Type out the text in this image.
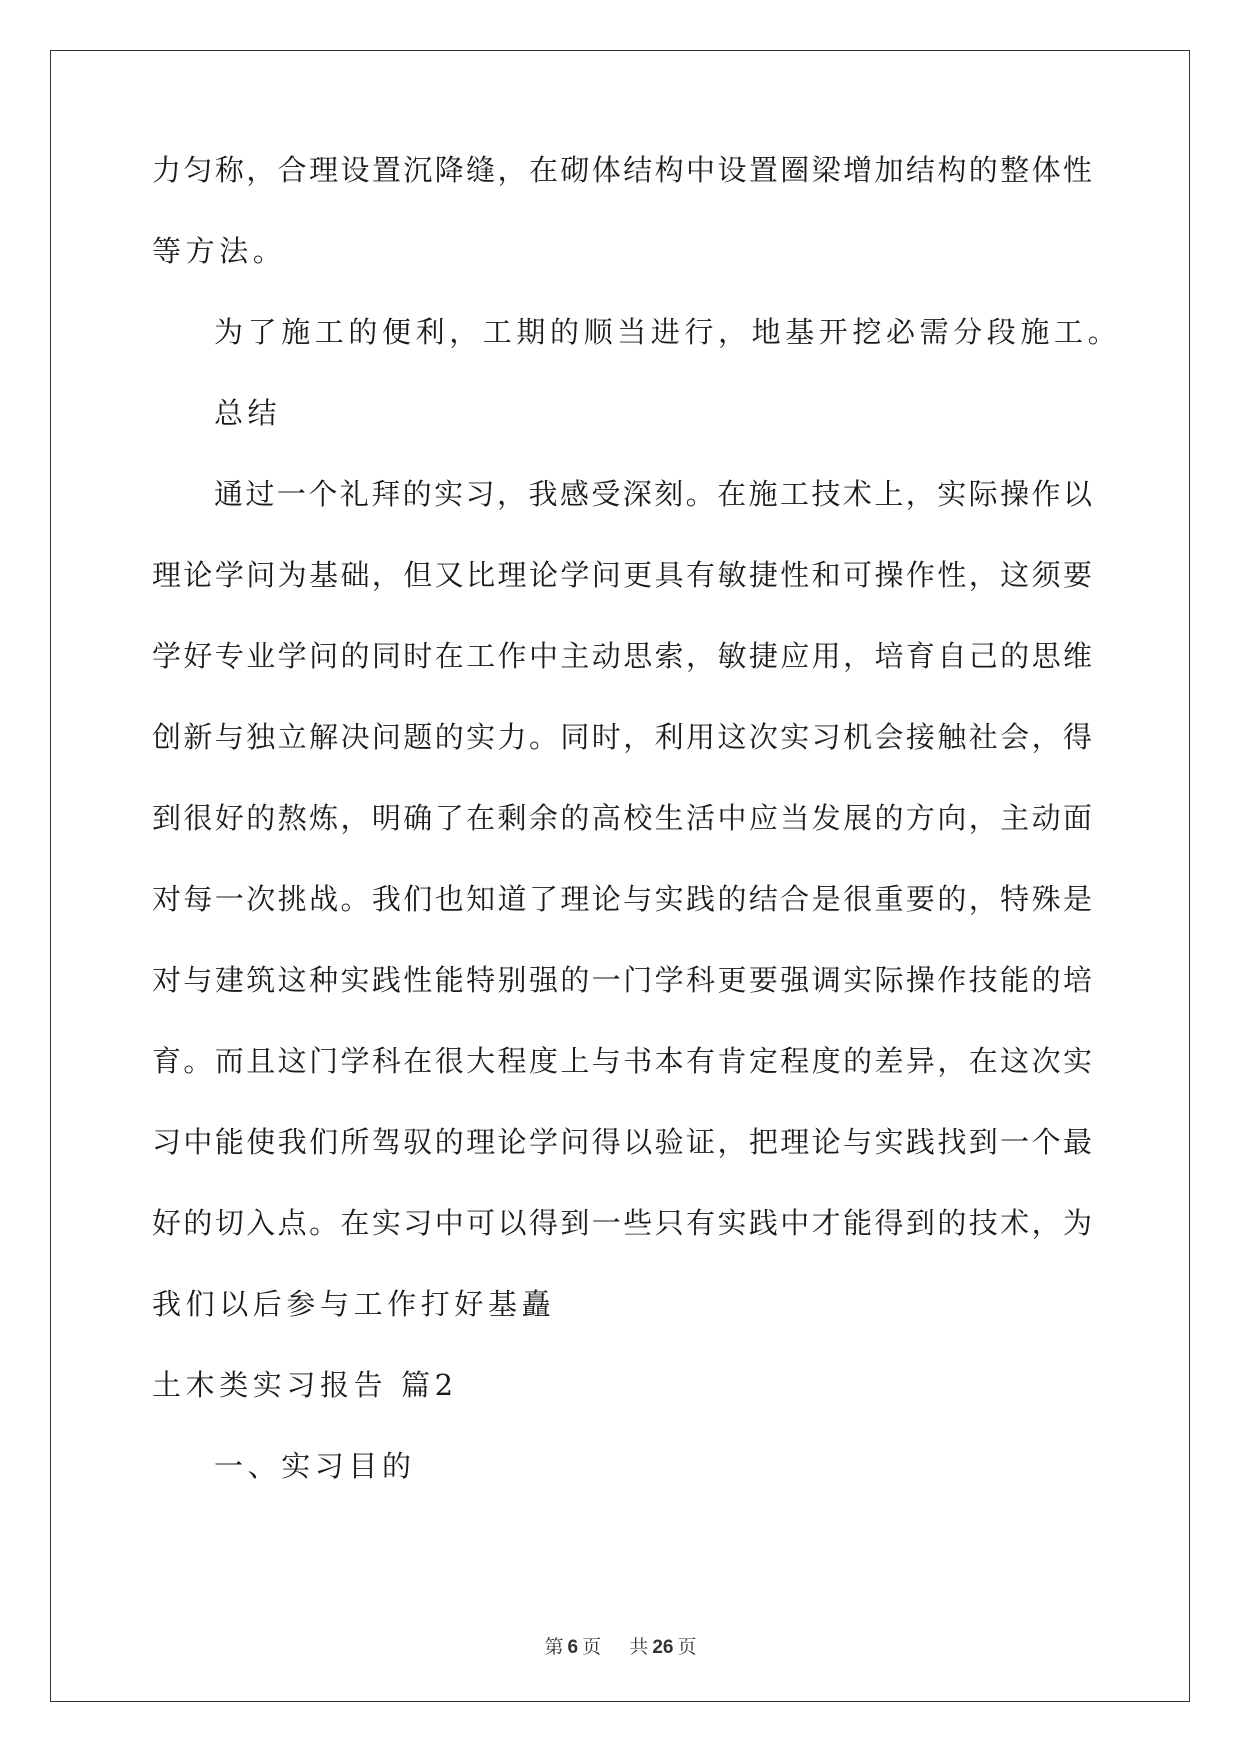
力匀称，合理设置沉降缝，在砌体结构中设置圈梁增加结构的整体性
等方法。
为了施工的便利，工期的顺当进行，地基开挖必需分段施工。
总结
通过一个礼拜的实习，我感受深刻。在施工技术上，实际操作以
理论学问为基础，但又比理论学问更具有敏捷性和可操作性，这须要
学好专业学问的同时在工作中主动思索，敏捷应用，培育自己的思维
创新与独立解决问题的实力。同时，利用这次实习机会接触社会，得
到很好的熬炼，明确了在剩余的高校生活中应当发展的方向，主动面
对每一次挑战。我们也知道了理论与实践的结合是很重要的，特殊是
对与建筑这种实践性能特别强的一门学科更要强调实际操作技能的培
育。而且这门学科在很大程度上与书本有肯定程度的差异，在这次实
习中能使我们所驾驭的理论学问得以验证，把理论与实践找到一个最
好的切入点。在实习中可以得到一些只有实践中才能得到的技术，为
我们以后参与工作打好基矗
土木类实习报告 篇2
一、实习目的
第 6 页 共 26 页
